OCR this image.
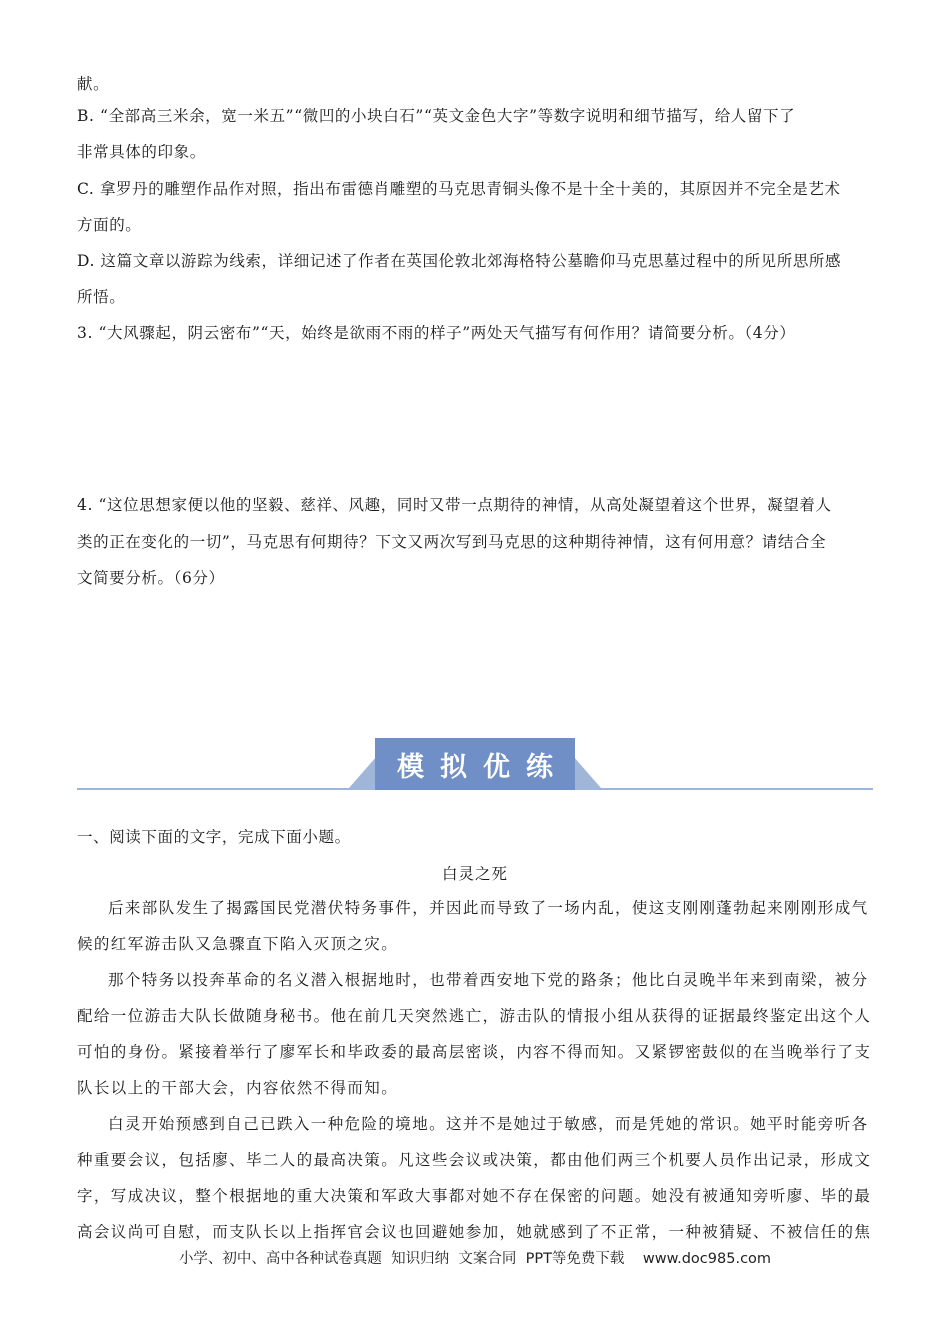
献。
B. “全部高三米余，宽一米五”“微凹的小块白石”“英文金色大字”等数字说明和细节描写，给人留下了
非常具体的印象。
C. 拿罗丹的雕塑作品作对照，指出布雷德肖雕塑的马克思青铜头像不是十全十美的，其原因并不完全是艺术
方面的。
D. 这篇文章以游踪为线索，详细记述了作者在英国伦敦北郊海格特公墓瞻仰马克思墓过程中的所见所思所感
所悟。
3. “大风骤起，阴云密布”“天，始终是欲雨不雨的样子”两处天气描写有何作用？请简要分析。（4分）
4. “这位思想家便以他的坚毅、慈祥、风趣，同时又带一点期待的神情，从高处凝望着这个世界，凝望着人
类的正在变化的一切”，马克思有何期待？下文又两次写到马克思的这种期待神情，这有何用意？请结合全
文简要分析。（6分）
模拟优练
一、阅读下面的文字，完成下面小题。
白灵之死

后来部队发生了揭露国民党潜伏特务事件，并因此而导致了一场内乱，使这支刚刚蓬勃起来刚刚形成气候的红军游击队又急骤直下陷入灭顶之灾。

那个特务以投奔革命的名义潜入根据地时，也带着西安地下党的路条；他比白灵晚半年来到南梁，被分配给一位游击大队长做随身秘书。他在前几天突然逃亡，游击队的情报小组从获得的证据最终鉴定出这个人可怕的身份。紧接着举行了廖军长和毕政委的最高层密谈，内容不得而知。又紧锣密鼓似的在当晚举行了支队长以上的干部大会，内容依然不得而知。

白灵开始预感到自己已跌入一种危险的境地。这并不是她过于敏感，而是凭她的常识。她平时能旁听各种重要会议，包括廖、毕二人的最高决策。凡这些会议或决策，都由他们两三个机要人员作出记录，形成文字，写成决议，整个根据地的重大决策和军政大事都对她不存在保密的问题。她没有被通知旁听廖、毕的最高会议尚可自慰，而支队长以上指挥官会议也回避她参加，她就感到了不正常，一种被猜疑、不被信任的焦

小学、初中、高中各种试卷真题  知识归纳  文案合同  PPT等免费下载 www.doc985.com
